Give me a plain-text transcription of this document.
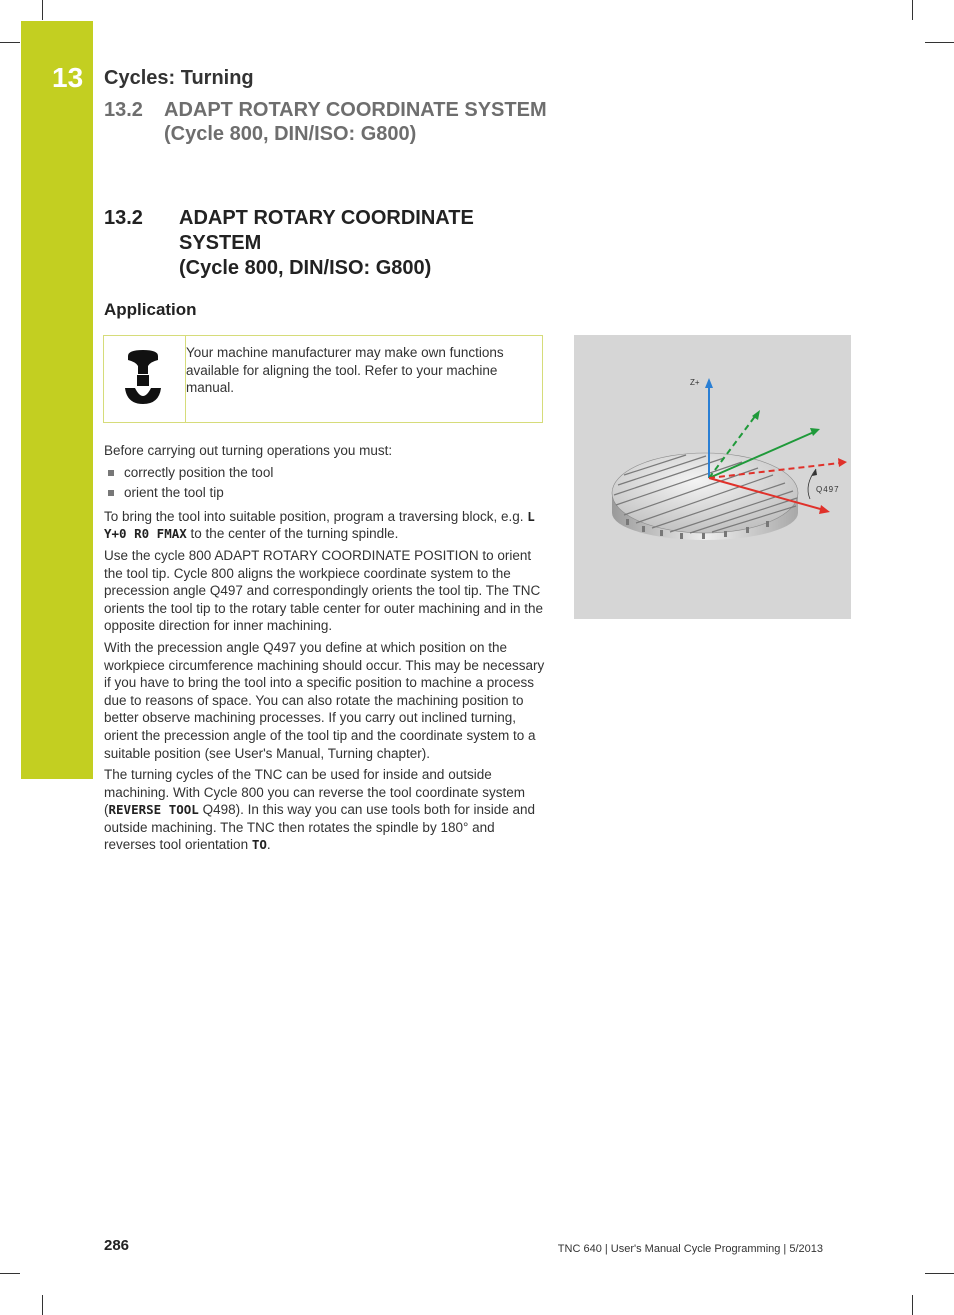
13 Cycles: Turning
13.2 ADAPT ROTARY COORDINATE SYSTEM
(Cycle 800, DIN/ISO: G800)
13.2 ADAPT ROTARY COORDINATE
SYSTEM
(Cycle 800, DIN/ISO: G800)
Application
Your machine manufacturer may make own functions available for aligning the tool. Refer to your machine manual.

Before carrying out turning operations you must:

correctly position the tool
orient the tool tip

To bring the tool into suitable position, program a traversing block, e.g. L Y+0 R0 FMAX to the center of the turning spindle.

Use the cycle 800 ADAPT ROTARY COORDINATE POSITION to orient the tool tip. Cycle 800 aligns the workpiece coordinate system to the precession angle Q497 and correspondingly orients the tool tip. The TNC orients the tool tip to the rotary table center for outer machining and in the opposite direction for inner machining.

With the precession angle Q497 you define at which position on the workpiece circumference machining should occur. This may be necessary if you have to bring the tool into a specific position to machine a process due to reasons of space. You can also rotate the machining position to better observe machining processes. If you carry out inclined turning, orient the precession angle of the tool tip and the coordinate system to a suitable position (see User's Manual, Turning chapter).

The turning cycles of the TNC can be used for inside and outside machining. With Cycle 800 you can reverse the tool coordinate system (REVERSE TOOL Q498). In this way you can use tools both for inside and outside machining. The TNC then rotates the spindle by 180° and reverses tool orientation TO.

Z+
Q497
286	TNC 640 | User's Manual Cycle Programming | 5/2013
